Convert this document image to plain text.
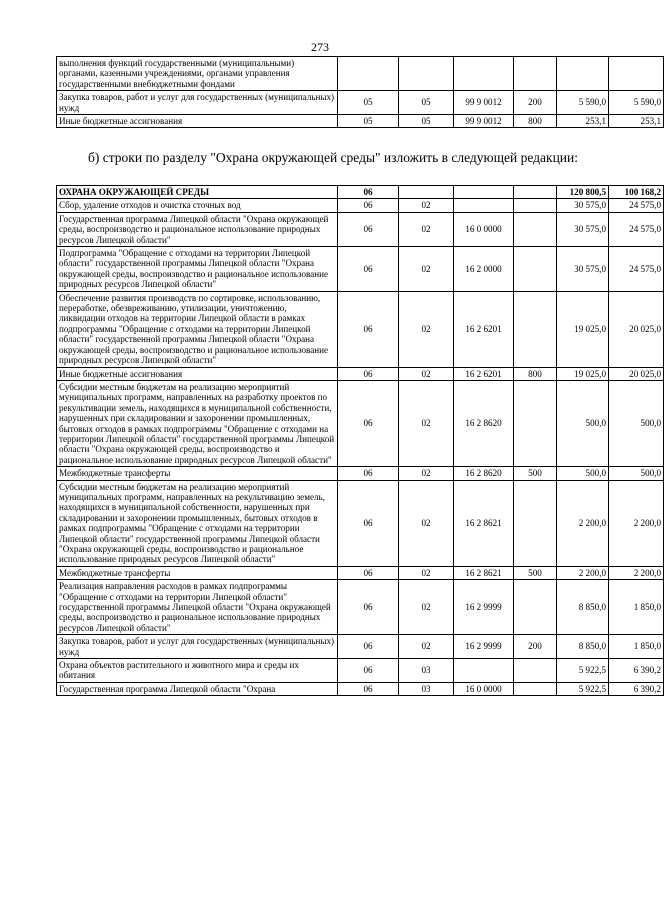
273
выполнения функций государственными (муниципальными) органами, казенными учреждениями, органами управления государственными внебюджетными фондами						
Закупка товаров, работ и услуг для государственных (муниципальных) нужд	05	05	99 9 0012	200	5 590,0	5 590,0
Иные бюджетные ассигнования	05	05	99 9 0012	800	253,1	253,1
б) строки по разделу "Охрана окружающей среды" изложить в следующей редакции:
ОХРАНА ОКРУЖАЮЩЕЙ СРЕДЫ	06				120 800,5	100 168,2
Сбор, удаление отходов и очистка сточных вод	06	02			30 575,0	24 575,0
Государственная программа Липецкой области "Охрана окружающей среды, воспроизводство и рациональное использование природных ресурсов Липецкой области"	06	02	16 0 0000		30 575,0	24 575,0
Подпрограмма "Обращение с отходами на территории Липецкой области" государственной программы Липецкой области "Охрана окружающей среды, воспроизводство и рациональное использование природных ресурсов Липецкой области"	06	02	16 2 0000		30 575,0	24 575,0
Обеспечение развития производств по сортировке, использованию, переработке, обезвреживанию, утилизации, уничтожению, ликвидации отходов на территории Липецкой области в рамках подпрограммы "Обращение с отходами на территории Липецкой области" государственной программы Липецкой области "Охрана окружающей среды, воспроизводство и рациональное использование природных ресурсов Липецкой области"	06	02	16 2 6201		19 025,0	20 025,0
Иные бюджетные ассигнования	06	02	16 2 6201	800	19 025,0	20 025,0
Субсидии местным бюджетам на реализацию мероприятий муниципальных программ, направленных на разработку проектов по рекультивации земель, находящихся в муниципальной собственности, нарушенных при складировании и захоронении промышленных, бытовых отходов в рамках подпрограммы "Обращение с отходами на территории Липецкой области" государственной программы Липецкой области "Охрана окружающей среды, воспроизводство и рациональное использование природных ресурсов Липецкой области"	06	02	16 2 8620		500,0	500,0
Межбюджетные трансферты	06	02	16 2 8620	500	500,0	500,0
Субсидии местным бюджетам на реализацию мероприятий муниципальных программ, направленных на рекультивацию земель, находящихся в муниципальной собственности, нарушенных при складировании и захоронении промышленных, бытовых отходов в рамках подпрограммы "Обращение с отходами на территории Липецкой области" государственной программы Липецкой области "Охрана окружающей среды, воспроизводство и рациональное использование природных ресурсов Липецкой области"	06	02	16 2 8621		2 200,0	2 200,0
Межбюджетные трансферты	06	02	16 2 8621	500	2 200,0	2 200,0
Реализация направления расходов в рамках подпрограммы "Обращение с отходами на территории Липецкой области" государственной программы Липецкой области "Охрана окружающей среды, воспроизводство и рациональное использование природных ресурсов Липецкой области"	06	02	16 2 9999		8 850,0	1 850,0
Закупка товаров, работ и услуг для государственных (муниципальных) нужд	06	02	16 2 9999	200	8 850,0	1 850,0
Охрана объектов растительного и животного мира и среды их обитания	06	03			5 922,5	6 390,2
Государственная программа Липецкой области "Охрана	06	03	16 0 0000		5 922,5	6 390,2
